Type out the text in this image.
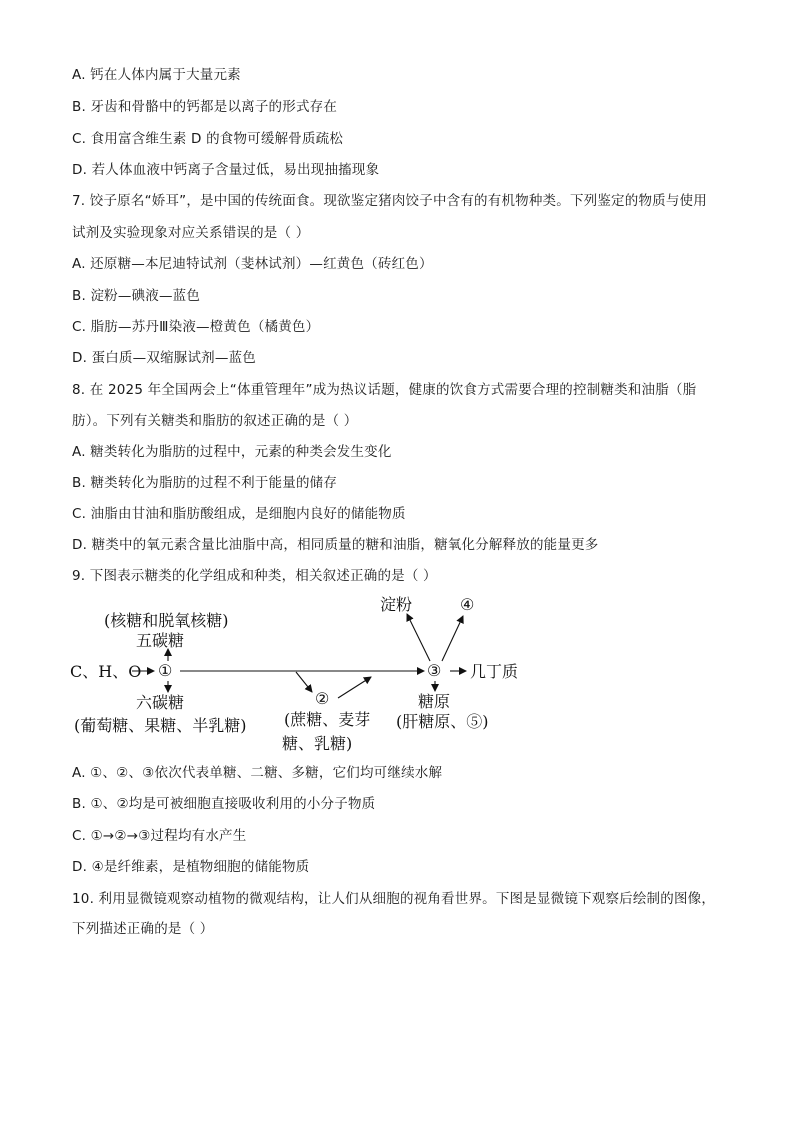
A. 钙在人体内属于大量元素
B. 牙齿和骨骼中的钙都是以离子的形式存在
C. 食用富含维生素 D 的食物可缓解骨质疏松
D. 若人体血液中钙离子含量过低，易出现抽搐现象
7. 饺子原名“娇耳”，是中国的传统面食。现欲鉴定猪肉饺子中含有的有机物种类。下列鉴定的物质与使用
试剂及实验现象对应关系错误的是（ ）
A. 还原糖—本尼迪特试剂（斐林试剂）—红黄色（砖红色）
B. 淀粉—碘液—蓝色
C. 脂肪—苏丹Ⅲ染液—橙黄色（橘黄色）
D. 蛋白质—双缩脲试剂—蓝色
8. 在 2025 年全国两会上“体重管理年”成为热议话题，健康的饮食方式需要合理的控制糖类和油脂（脂
肪）。下列有关糖类和脂肪的叙述正确的是（ ）
A. 糖类转化为脂肪的过程中，元素的种类会发生变化
B. 糖类转化为脂肪的过程不利于能量的储存
C. 油脂由甘油和脂肪酸组成，是细胞内良好的储能物质
D. 糖类中的氧元素含量比油脂中高，相同质量的糖和油脂，糖氧化分解释放的能量更多
9. 下图表示糖类的化学组成和种类，相关叙述正确的是（ ）
C、H、O ①
(核糖和脱氧核糖)
五碳糖
六碳糖
(葡萄糖、果糖、半乳糖)
②
(蔗糖、麦芽
糖、乳糖)
③
淀粉	④
几丁质
糖原
(肝糖原、⑤)
A. ①、②、③依次代表单糖、二糖、多糖，它们均可继续水解
B. ①、②均是可被细胞直接吸收利用的小分子物质
C. ①→②→③过程均有水产生
D. ④是纤维素，是植物细胞的储能物质
10. 利用显微镜观察动植物的微观结构，让人们从细胞的视角看世界。下图是显微镜下观察后绘制的图像，
下列描述正确的是（ ）
